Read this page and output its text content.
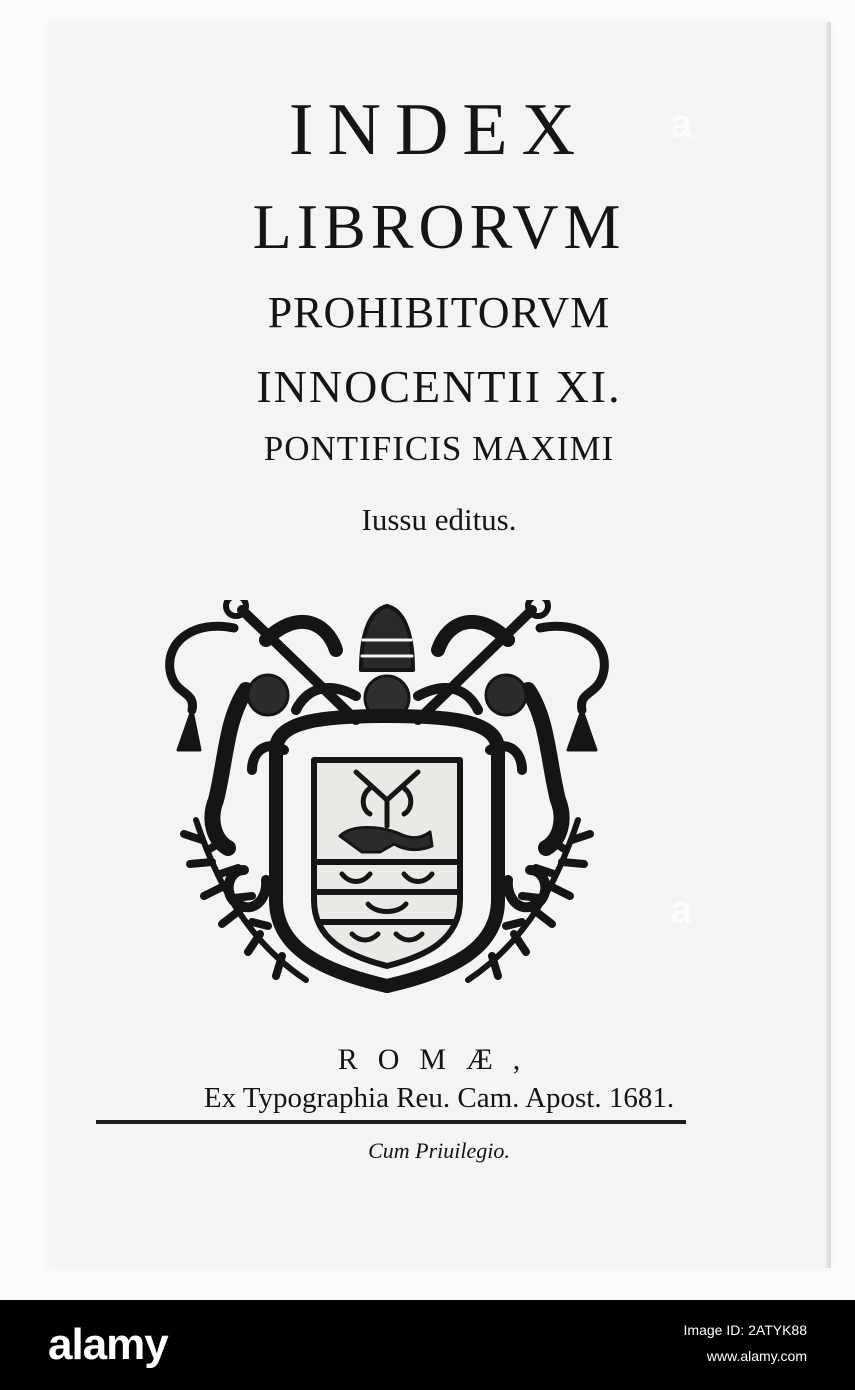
INDEX
LIBRORVM
PROHIBITORVM
INNOCENTII XI.
PONTIFICIS MAXIMI
Iussu editus.
ROMÆ,
Ex Typographia Reu. Cam. Apost. 1681.
Cum Priuilegio.
a
a
alamy	Image ID: 2ATYK88
www.alamy.com
